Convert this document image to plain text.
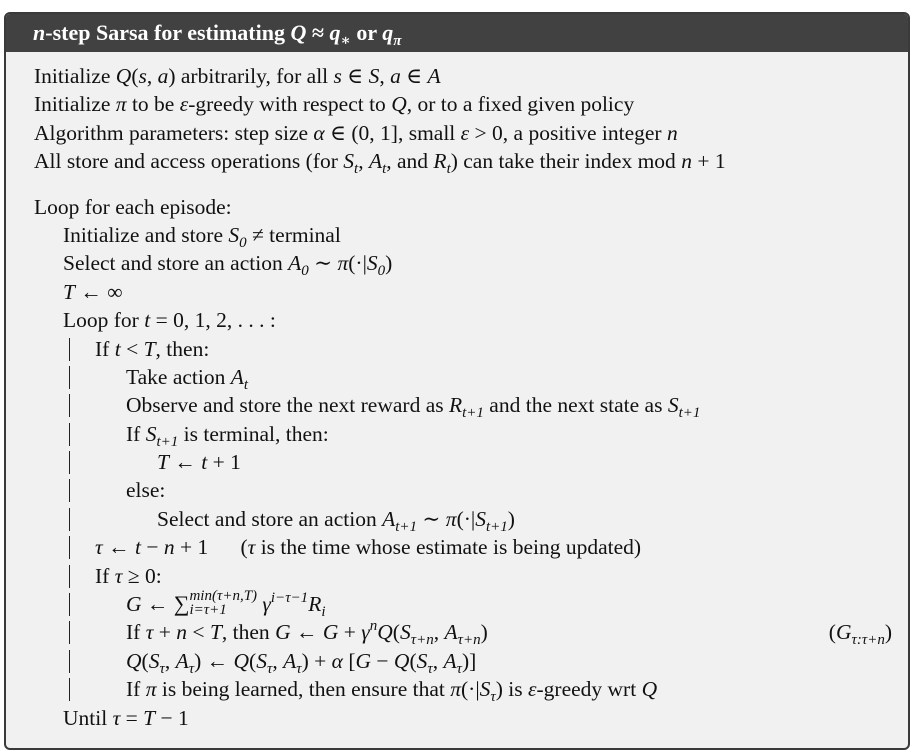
n-step Sarsa for estimating $Q \approx q_∗$ or $q_\pi$
Initialize Q(s, a) arbitrarily, for all s ∈ S, a ∈ A
Initialize π to be ε-greedy with respect to Q, or to a fixed given policy
Algorithm parameters: step size α ∈ (0, 1], small ε > 0, a positive integer n
All store and access operations (for $S_t$, $A_t$, and $R_t$) can take their index mod n + 1
Loop for each episode:
Initialize and store $S_0$ ≠ terminal
Select and store an action $A_0$ ∼ $\pi(\cdot|S_0)$
T ← ∞
Loop for t = 0, 1, 2, . . . :
If t < T, then:
Take action $A_t$
Observe and store the next reward as $R_{t+1}$ and the next state as $S_{t+1}$
If $S_{t+1}$ is terminal, then:
T ← t + 1
else:
Select and store an action $A_{t+1}$ ∼ $\pi(\cdot|S_{t+1})$
τ ← t − n + 1      (τ is the time whose estimate is being updated)
If τ ≥ 0:
G ← ∑ min(τ+n,T)
i=τ+1	$\gamma^{i-\tau-1}R_i$
If τ + n < T, then G ← $G + \gamma^nQ(S_{\tau+n}$, $A_{\tau+n}$)	$(G_{\tau:\tau+n})$
$Q(S_\tau$, $A_\tau$) ← $Q(S_\tau$, $A_\tau) + \alpha$ [$G - Q(S_\tau$, $A_\tau$)]
If π is being learned, then ensure that $\pi(\cdot|S_\tau)$ is ε-greedy wrt Q
Until τ = T − 1
